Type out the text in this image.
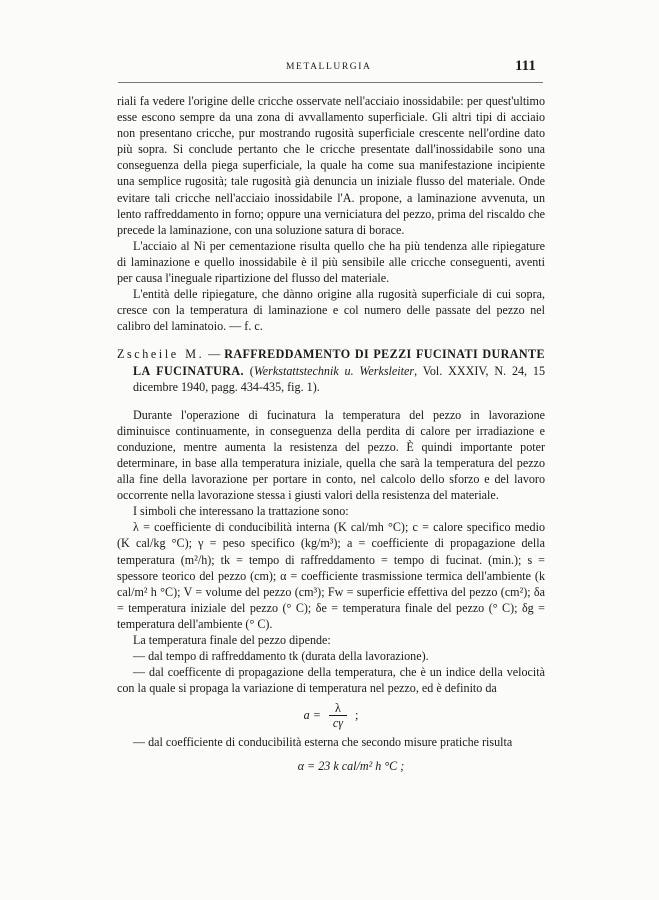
METALLURGIA	111

riali fa vedere l'origine delle cricche osservate nell'acciaio inossidabile: per quest'ultimo esse escono sempre da una zona di avvallamento superficiale. Gli altri tipi di acciaio non presentano cricche, pur mostrando rugosità superficiale crescente nell'ordine dato più sopra. Si conclude pertanto che le cricche presentate dall'inossidabile sono una conseguenza della piega superficiale, la quale ha come sua manifestazione incipiente una semplice rugosità; tale rugosità già denuncia un iniziale flusso del materiale. Onde evitare tali cricche nell'acciaio inossidabile l'A. propone, a laminazione avvenuta, un lento raffreddamento in forno; oppure una verniciatura del pezzo, prima del riscaldo che precede la laminazione, con una soluzione satura di borace.

L'acciaio al Ni per cementazione risulta quello che ha più tendenza alle ripiegature di laminazione e quello inossidabile è il più sensibile alle cricche conseguenti, aventi per causa l'ineguale ripartizione del flusso del materiale.

L'entità delle ripiegature, che dànno origine alla rugosità superficiale di cui sopra, cresce con la temperatura di laminazione e col numero delle passate del pezzo nel calibro del laminatoio. — f. c.

Zscheile M. — RAFFREDDAMENTO DI PEZZI FUCINATI DURANTE LA FUCINATURA. (Werkstattstechnik u. Werksleiter, Vol. XXXIV, N. 24, 15 dicembre 1940, pagg. 434-435, fig. 1).

Durante l'operazione di fucinatura la temperatura del pezzo in lavorazione diminuisce continuamente, in conseguenza della perdita di calore per irradiazione e conduzione, mentre aumenta la resistenza del pezzo. È quindi importante poter determinare, in base alla temperatura iniziale, quella che sarà la temperatura del pezzo alla fine della lavorazione per portare in conto, nel calcolo dello sforzo e del lavoro occorrente nella lavorazione stessa i giusti valori della resistenza del materiale.

I simboli che interessano la trattazione sono:

λ = coefficiente di conducibilità interna (K cal/mh °C); c = calore specifico medio (K cal/kg °C); γ = peso specifico (kg/m³); a = coefficiente di propagazione della temperatura (m²/h); tk = tempo di raffreddamento = tempo di fucinat. (min.); s = spessore teorico del pezzo (cm); α = coefficiente trasmissione termica dell'ambiente (k cal/m² h °C); V = volume del pezzo (cm³); Fw = superficie effettiva del pezzo (cm²); δa = temperatura iniziale del pezzo (° C); δe = temperatura finale del pezzo (° C); δg = temperatura dell'ambiente (° C).

La temperatura finale del pezzo dipende:

— dal tempo di raffreddamento tk (durata della lavorazione).

— dal coefficente di propagazione della temperatura, che è un indice della velocità con la quale si propaga la variazione di temperatura nel pezzo, ed è definito da

$a = \frac{\lambda}{c\gamma}$ ;

— dal coefficiente di conducibilità esterna che secondo misure pratiche risulta

α = 23 k cal/m² h °C ;
